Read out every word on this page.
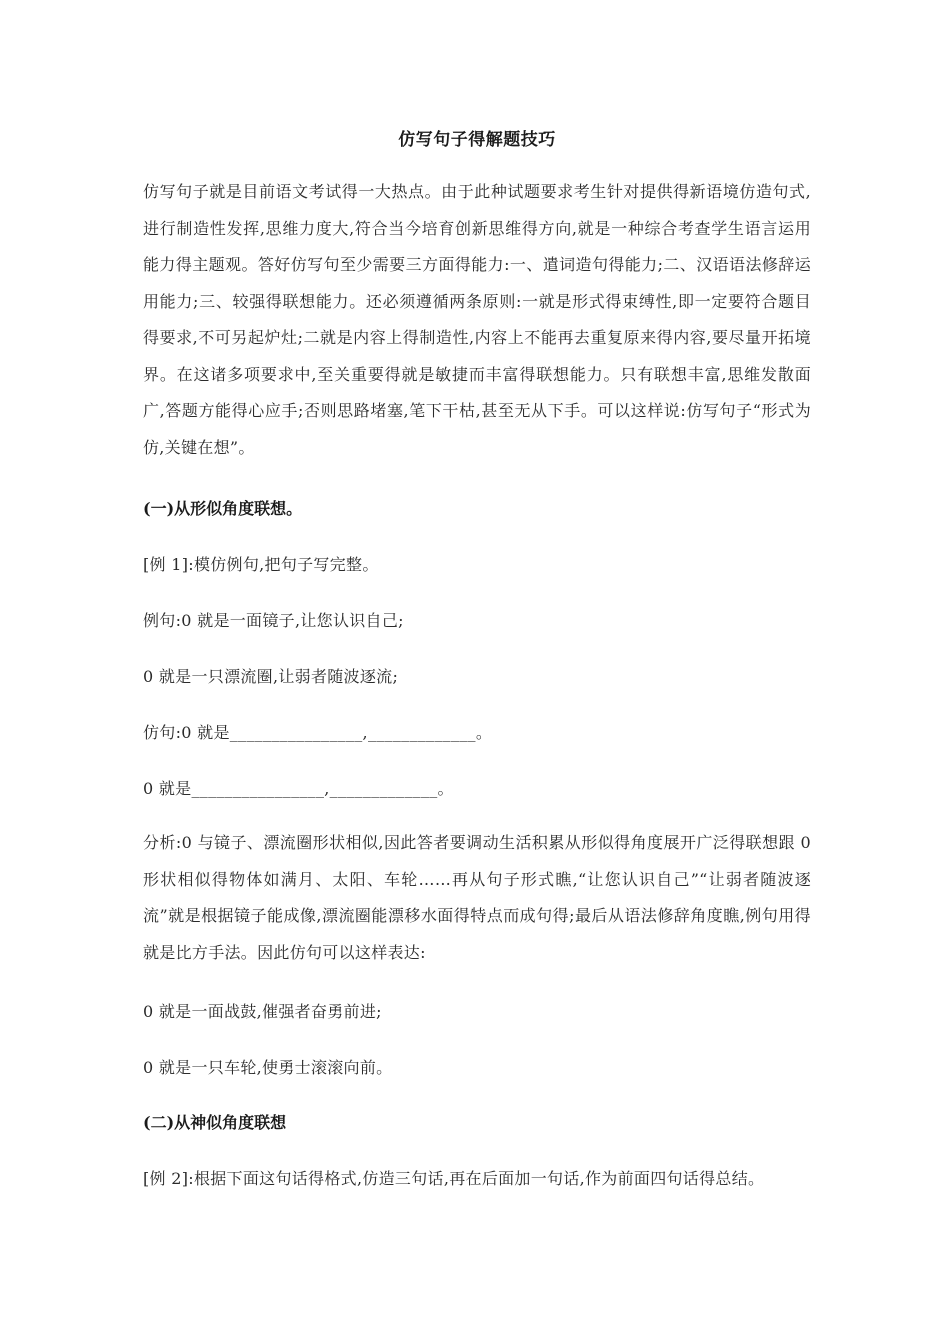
仿写句子得解题技巧
仿写句子就是目前语文考试得一大热点。由于此种试题要求考生针对提供得新语境仿造句式,进行制造性发挥,思维力度大,符合当今培育创新思维得方向,就是一种综合考查学生语言运用能力得主题观。答好仿写句至少需要三方面得能力:一、遣词造句得能力;二、汉语语法修辞运用能力;三、较强得联想能力。还必须遵循两条原则:一就是形式得束缚性,即一定要符合题目得要求,不可另起炉灶;二就是内容上得制造性,内容上不能再去重复原来得内容,要尽量开拓境界。在这诸多项要求中,至关重要得就是敏捷而丰富得联想能力。只有联想丰富,思维发散面广,答题方能得心应手;否则思路堵塞,笔下干枯,甚至无从下手。可以这样说:仿写句子“形式为仿,关键在想”。
(一)从形似角度联想。
[例 1]:模仿例句,把句子写完整。
例句:0 就是一面镜子,让您认识自己;
0 就是一只漂流圈,让弱者随波逐流;
仿句:0 就是________________,_____________。
0 就是________________,_____________。
分析:0 与镜子、漂流圈形状相似,因此答者要调动生活积累从形似得角度展开广泛得联想跟 0 形状相似得物体如满月、太阳、车轮……再从句子形式瞧,“让您认识自己”“让弱者随波逐流”就是根据镜子能成像,漂流圈能漂移水面得特点而成句得;最后从语法修辞角度瞧,例句用得就是比方手法。因此仿句可以这样表达:
0 就是一面战鼓,催强者奋勇前进;
0 就是一只车轮,使勇士滚滚向前。
(二)从神似角度联想
[例 2]:根据下面这句话得格式,仿造三句话,再在后面加一句话,作为前面四句话得总结。
